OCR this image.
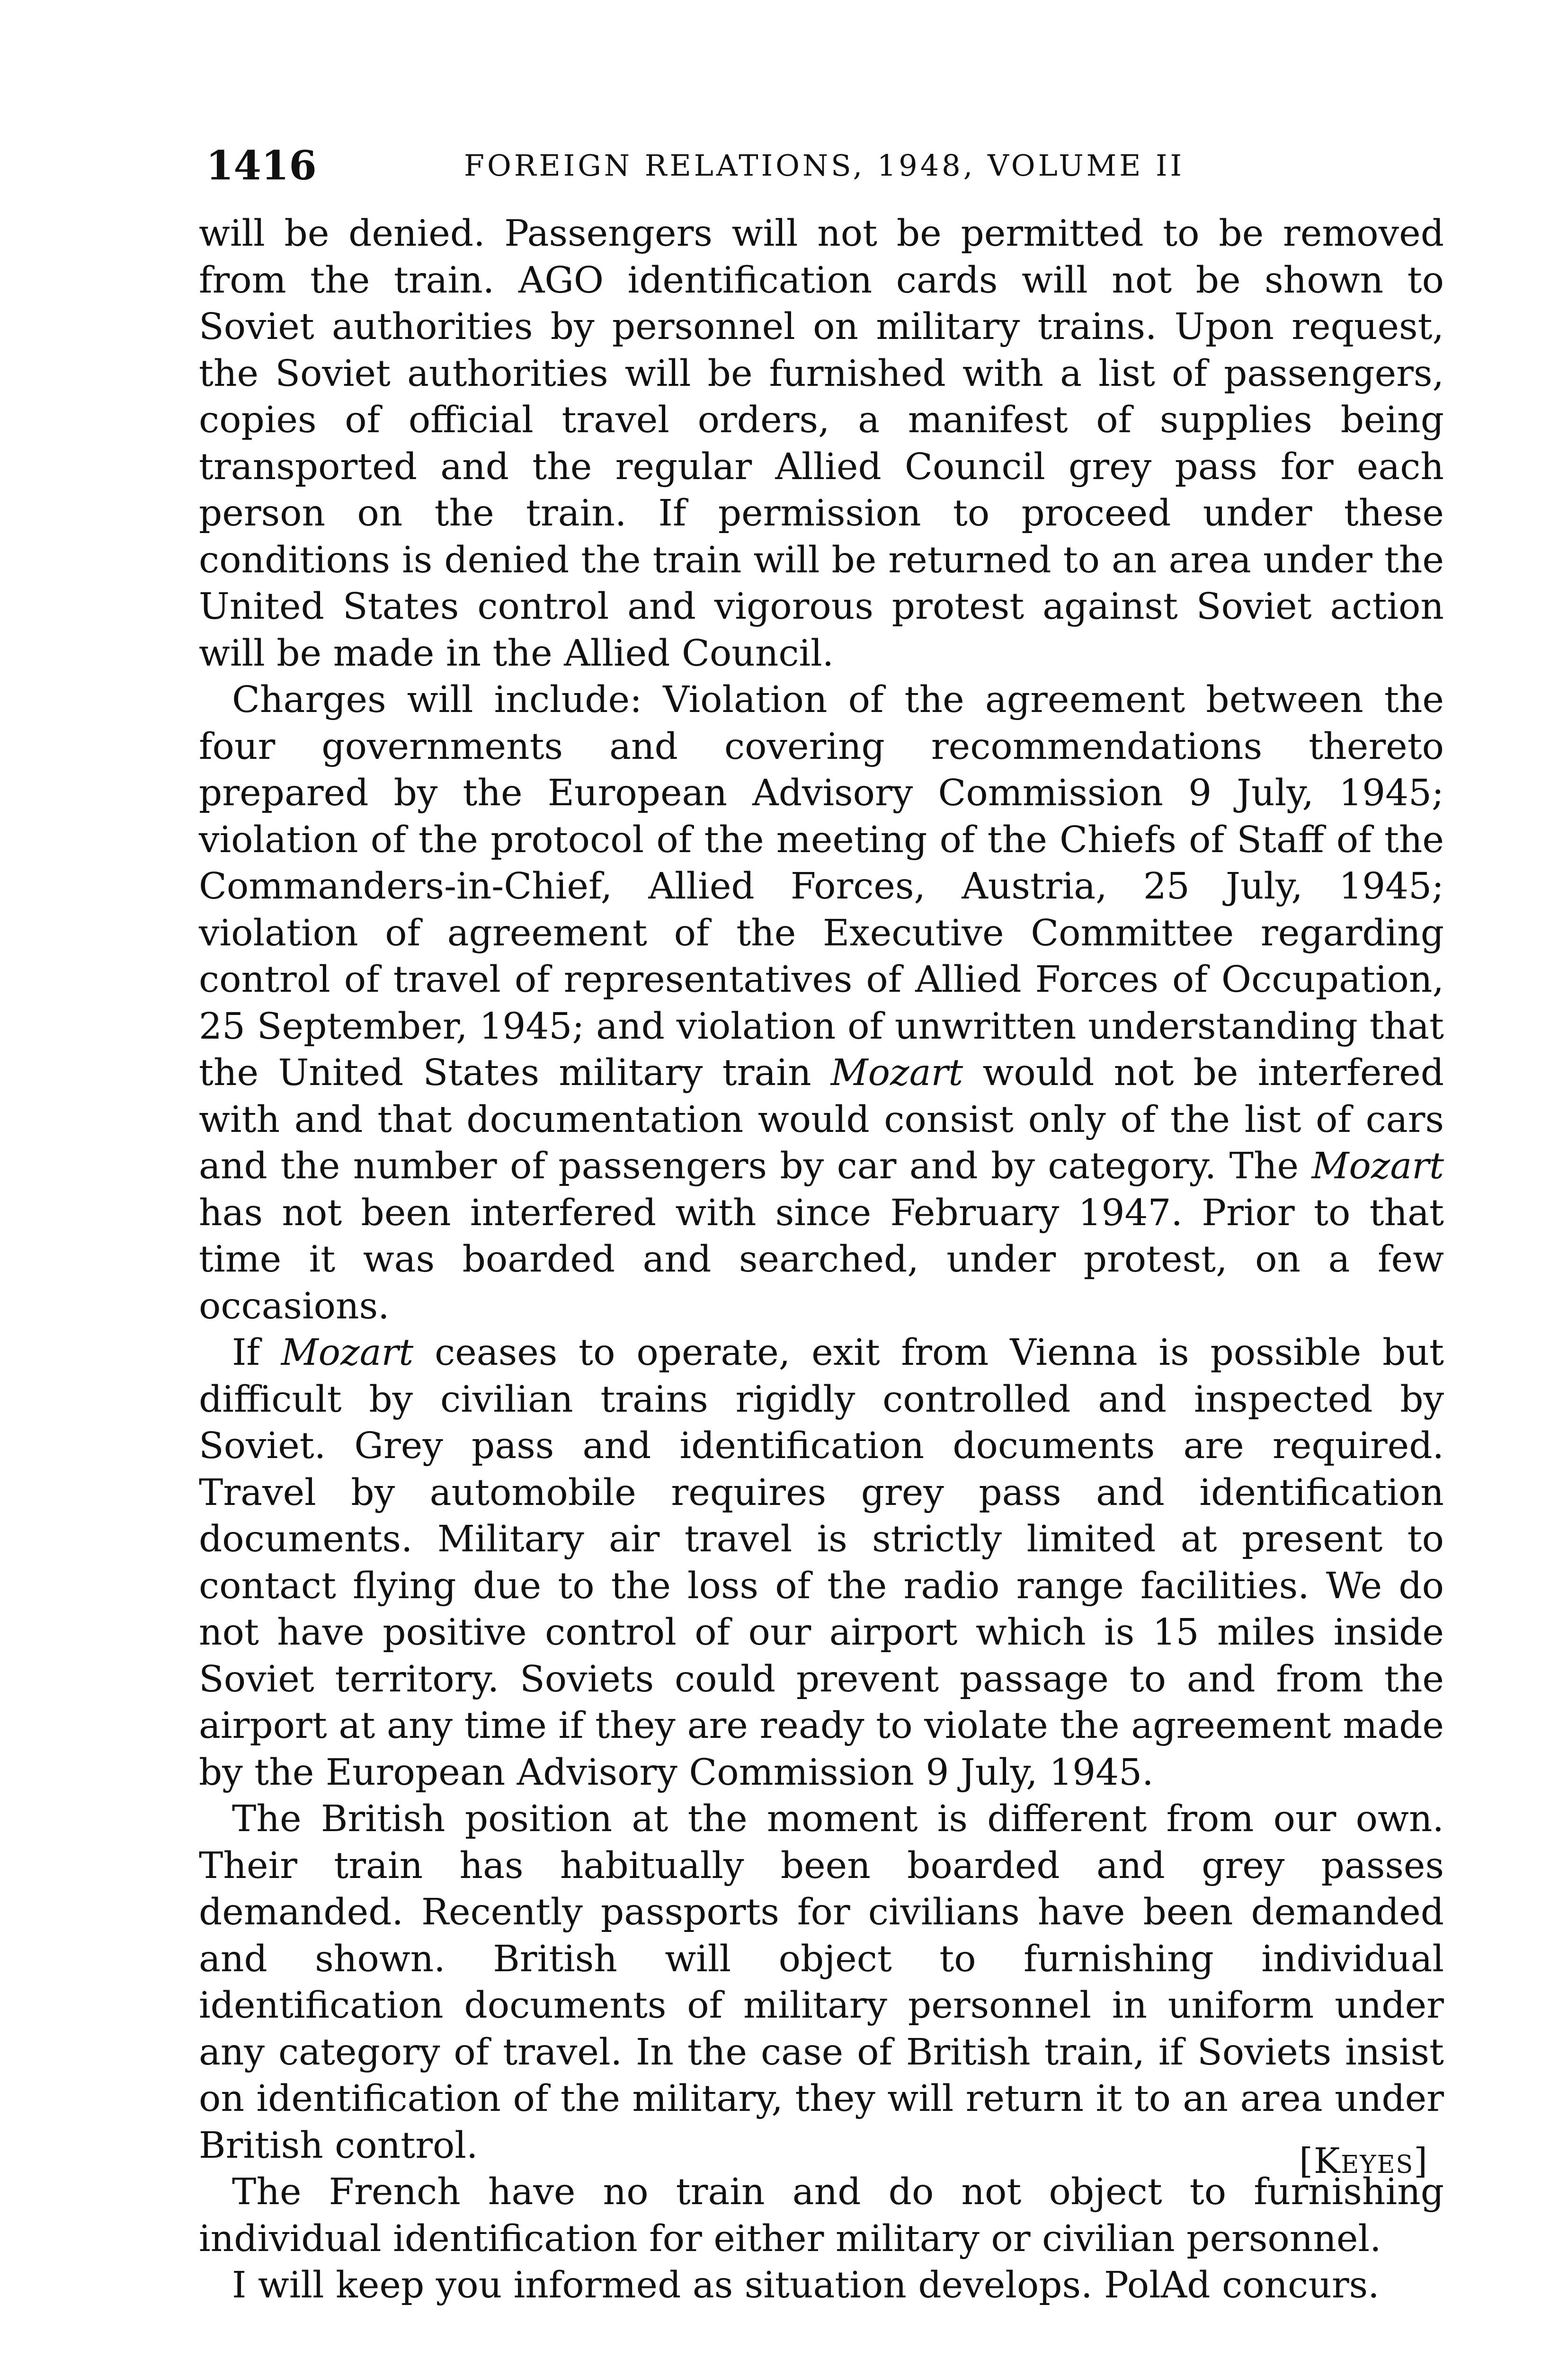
1416	FOREIGN RELATIONS, 1948, VOLUME II

will be denied. Passengers will not be permitted to be removed from the train. AGO identification cards will not be shown to Soviet authorities by personnel on military trains. Upon request, the Soviet authorities will be furnished with a list of passengers, copies of official travel orders, a manifest of supplies being transported and the regular Allied Council grey pass for each person on the train. If permission to proceed under these conditions is denied the train will be returned to an area under the United States control and vigorous protest against Soviet action will be made in the Allied Council.

Charges will include: Violation of the agreement between the four governments and covering recommendations thereto prepared by the European Advisory Commission 9 July, 1945; violation of the protocol of the meeting of the Chiefs of Staff of the Commanders-in-Chief, Allied Forces, Austria, 25 July, 1945; violation of agreement of the Executive Committee regarding control of travel of representatives of Allied Forces of Occupation, 25 September, 1945; and violation of unwritten understanding that the United States military train Mozart would not be interfered with and that documentation would consist only of the list of cars and the number of passengers by car and by category. The Mozart has not been interfered with since February 1947. Prior to that time it was boarded and searched, under protest, on a few occasions.

If Mozart ceases to operate, exit from Vienna is possible but difficult by civilian trains rigidly controlled and inspected by Soviet. Grey pass and identification documents are required. Travel by automobile requires grey pass and identification documents. Military air travel is strictly limited at present to contact flying due to the loss of the radio range facilities. We do not have positive control of our airport which is 15 miles inside Soviet territory. Soviets could prevent passage to and from the airport at any time if they are ready to violate the agreement made by the European Advisory Commission 9 July, 1945.

The British position at the moment is different from our own. Their train has habitually been boarded and grey passes demanded. Recently passports for civilians have been demanded and shown. British will object to furnishing individual identification documents of military personnel in uniform under any category of travel. In the case of British train, if Soviets insist on identification of the military, they will return it to an area under British control.

The French have no train and do not object to furnishing individual identification for either military or civilian personnel.

I will keep you informed as situation develops. PolAd concurs.

[Keyes]
